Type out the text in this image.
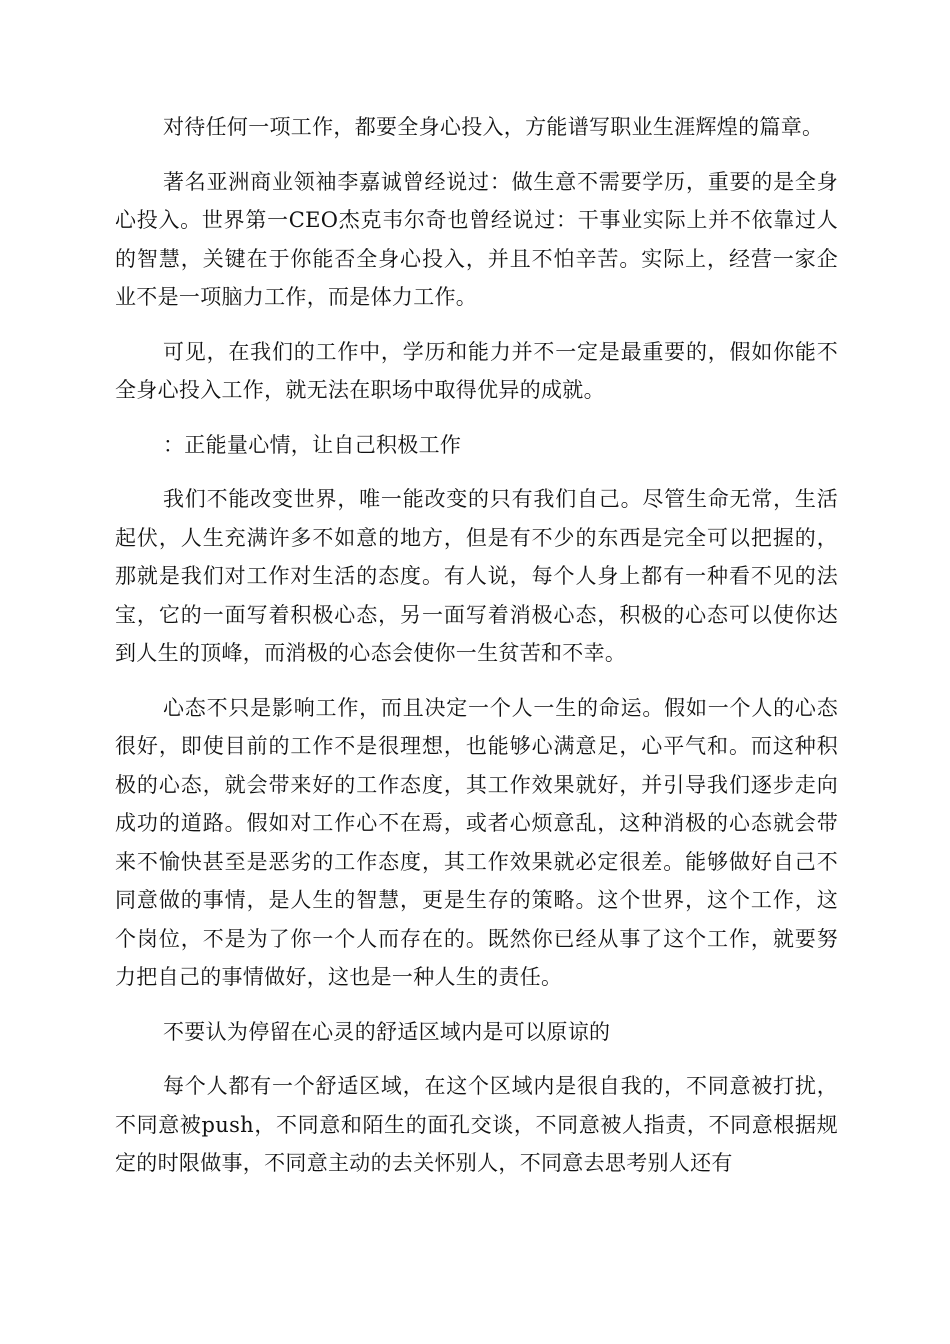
对待任何一项工作，都要全身心投入，方能谱写职业生涯辉煌的篇章。

著名亚洲商业领袖李嘉诚曾经说过：做生意不需要学历，重要的是全身心投入。世界第一CEO杰克韦尔奇也曾经说过：干事业实际上并不依靠过人的智慧，关键在于你能否全身心投入，并且不怕辛苦。实际上，经营一家企业不是一项脑力工作，而是体力工作。

可见，在我们的工作中，学历和能力并不一定是最重要的，假如你能不全身心投入工作，就无法在职场中取得优异的成就。

：正能量心情，让自己积极工作

我们不能改变世界，唯一能改变的只有我们自己。尽管生命无常，生活起伏，人生充满许多不如意的地方，但是有不少的东西是完全可以把握的，那就是我们对工作对生活的态度。有人说，每个人身上都有一种看不见的法宝，它的一面写着积极心态，另一面写着消极心态，积极的心态可以使你达到人生的顶峰，而消极的心态会使你一生贫苦和不幸。

心态不只是影响工作，而且决定一个人一生的命运。假如一个人的心态很好，即使目前的工作不是很理想，也能够心满意足，心平气和。而这种积极的心态，就会带来好的工作态度，其工作效果就好，并引导我们逐步走向成功的道路。假如对工作心不在焉，或者心烦意乱，这种消极的心态就会带来不愉快甚至是恶劣的工作态度，其工作效果就必定很差。能够做好自己不同意做的事情，是人生的智慧，更是生存的策略。这个世界，这个工作，这个岗位，不是为了你一个人而存在的。既然你已经从事了这个工作，就要努力把自己的事情做好，这也是一种人生的责任。

不要认为停留在心灵的舒适区域内是可以原谅的

每个人都有一个舒适区域，在这个区域内是很自我的，不同意被打扰，不同意被push，不同意和陌生的面孔交谈，不同意被人指责，不同意根据规定的时限做事，不同意主动的去关怀别人，不同意去思考别人还有
